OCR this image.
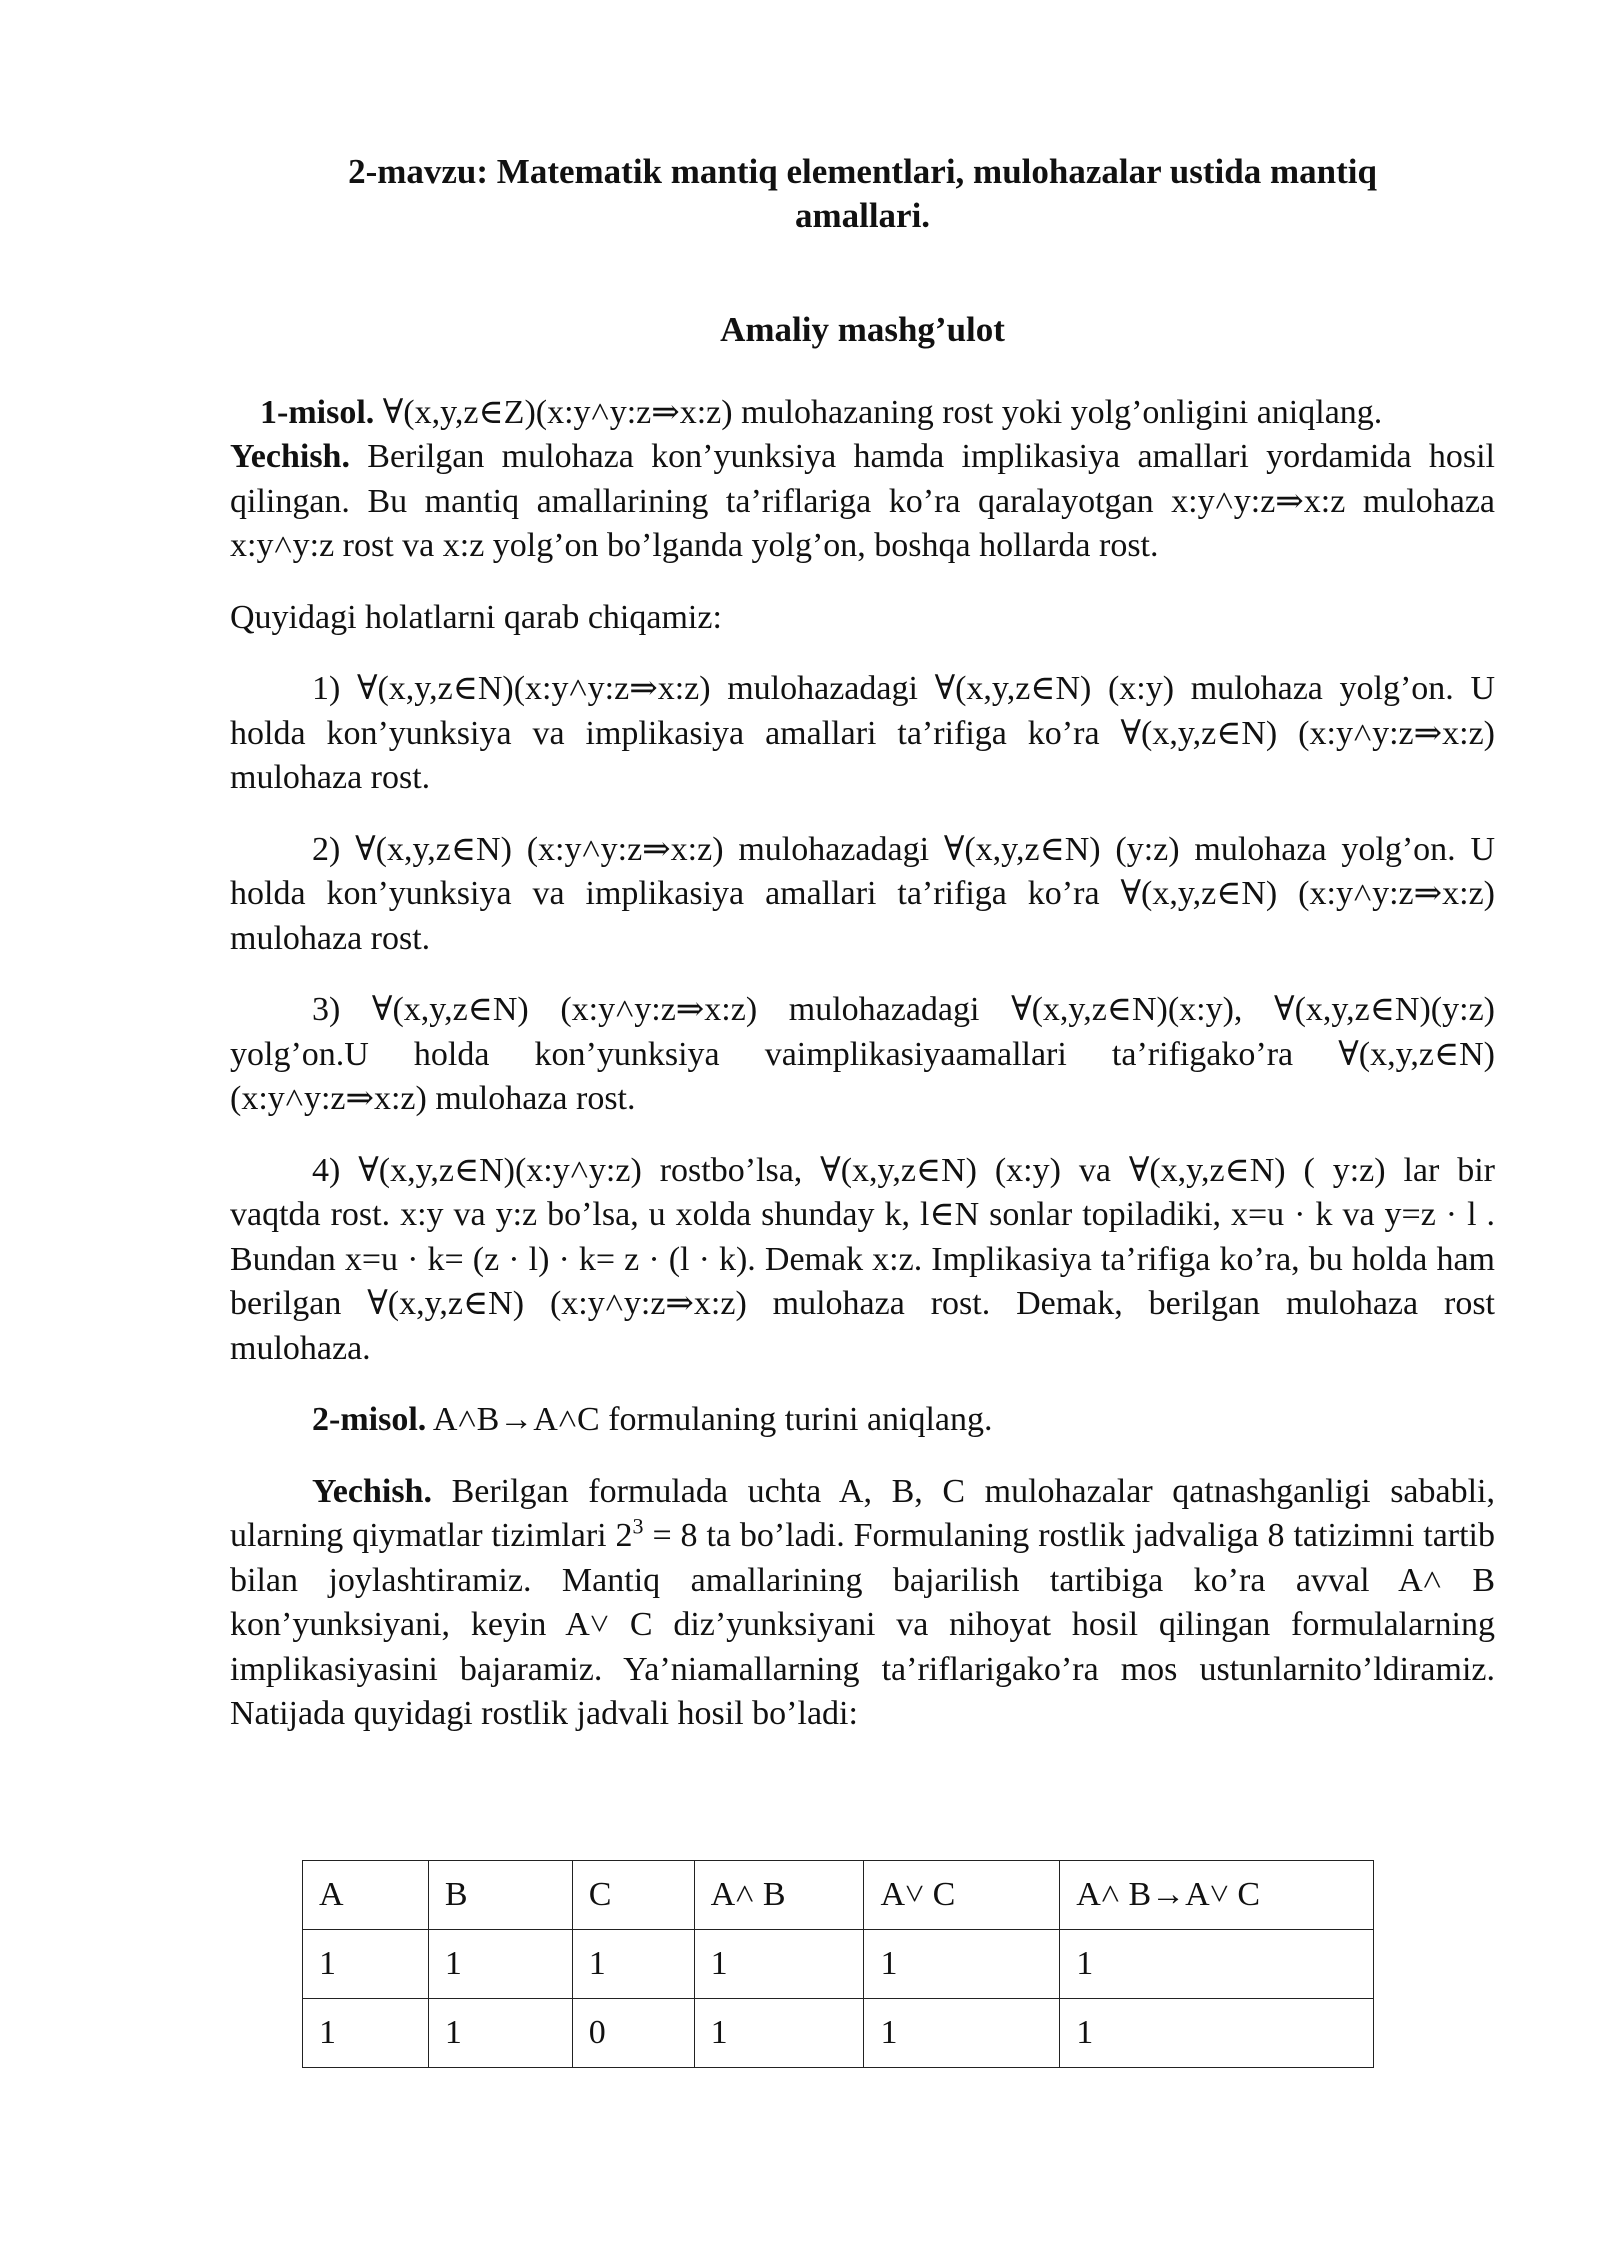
2-mavzu: Matematik mantiq elementlari, mulohazalar ustida mantiq
amallari.
Amaliy mashg’ulot

1-misol. ∀(x,y,z∈Z)(x:y˄y:z⇒x:z) mulohazaning rost yoki yolg’onligini aniqlang.

Yechish. Berilgan mulohaza kon’yunksiya hamda implikasiya amallari yordamida hosil qilingan. Bu mantiq amallarining ta’riflariga ko’ra qaralayotgan x:y˄y:z⇒x:z mulohaza x:y˄y:z rost va x:z yolg’on bo’lganda yolg’on, boshqa hollarda rost.

Quyidagi holatlarni qarab chiqamiz:

1) ∀(x,y,z∈N)(x:y˄y:z⇒x:z) mulohazadagi ∀(x,y,z∈N) (x:y) mulohaza yolg’on. U holda kon’yunksiya va implikasiya amallari ta’rifiga ko’ra ∀(x,y,z∈N) (x:y˄y:z⇒x:z) mulohaza rost.

2) ∀(x,y,z∈N) (x:y˄y:z⇒x:z) mulohazadagi ∀(x,y,z∈N) (y:z) mulohaza yolg’on. U holda kon’yunksiya va implikasiya amallari ta’rifiga ko’ra ∀(x,y,z∈N) (x:y˄y:z⇒x:z) mulohaza rost.

3) ∀(x,y,z∈N) (x:y˄y:z⇒x:z) mulohazadagi ∀(x,y,z∈N)(x:y), ∀(x,y,z∈N)(y:z) yolg’on.U holda kon’yunksiya vaimplikasiyaamallari ta’rifigako’ra ∀(x,y,z∈N) (x:y˄y:z⇒x:z) mulohaza rost.

4) ∀(x,y,z∈N)(x:y˄y:z) rostbo’lsa, ∀(x,y,z∈N) (x:y) va ∀(x,y,z∈N) ( y:z) lar bir vaqtda rost. x:y va y:z bo’lsa, u xolda shunday k, l∈N sonlar topiladiki, x=u · k va y=z · l . Bundan x=u · k= (z · l) · k= z · (l · k). Demak x:z. Implikasiya ta’rifiga ko’ra, bu holda ham berilgan ∀(x,y,z∈N) (x:y˄y:z⇒x:z) mulohaza rost. Demak, berilgan mulohaza rost mulohaza.

2-misol. A˄B→A˄C formulaning turini aniqlang.

Yechish. Berilgan formulada uchta A, B, C mulohazalar qatnashganligi sababli, ularning qiymatlar tizimlari $2^3 = 8$ ta bo’ladi. Formulaning rostlik jadvaliga 8 tatizimni tartib bilan joylashtiramiz. Mantiq amallarining bajarilish tartibiga ko’ra avval A˄ B kon’yunksiyani, keyin A˅ C diz’yunksiyani va nihoyat hosil qilingan formulalarning implikasiyasini bajaramiz. Ya’niamallarning ta’riflarigako’ra mos ustunlarnito’ldiramiz. Natijada quyidagi rostlik jadvali hosil bo’ladi:

A	B	C	A˄ B	A˅ C	A˄ B→A˅ C
1	1	1	1	1	1
1	1	0	1	1	1
